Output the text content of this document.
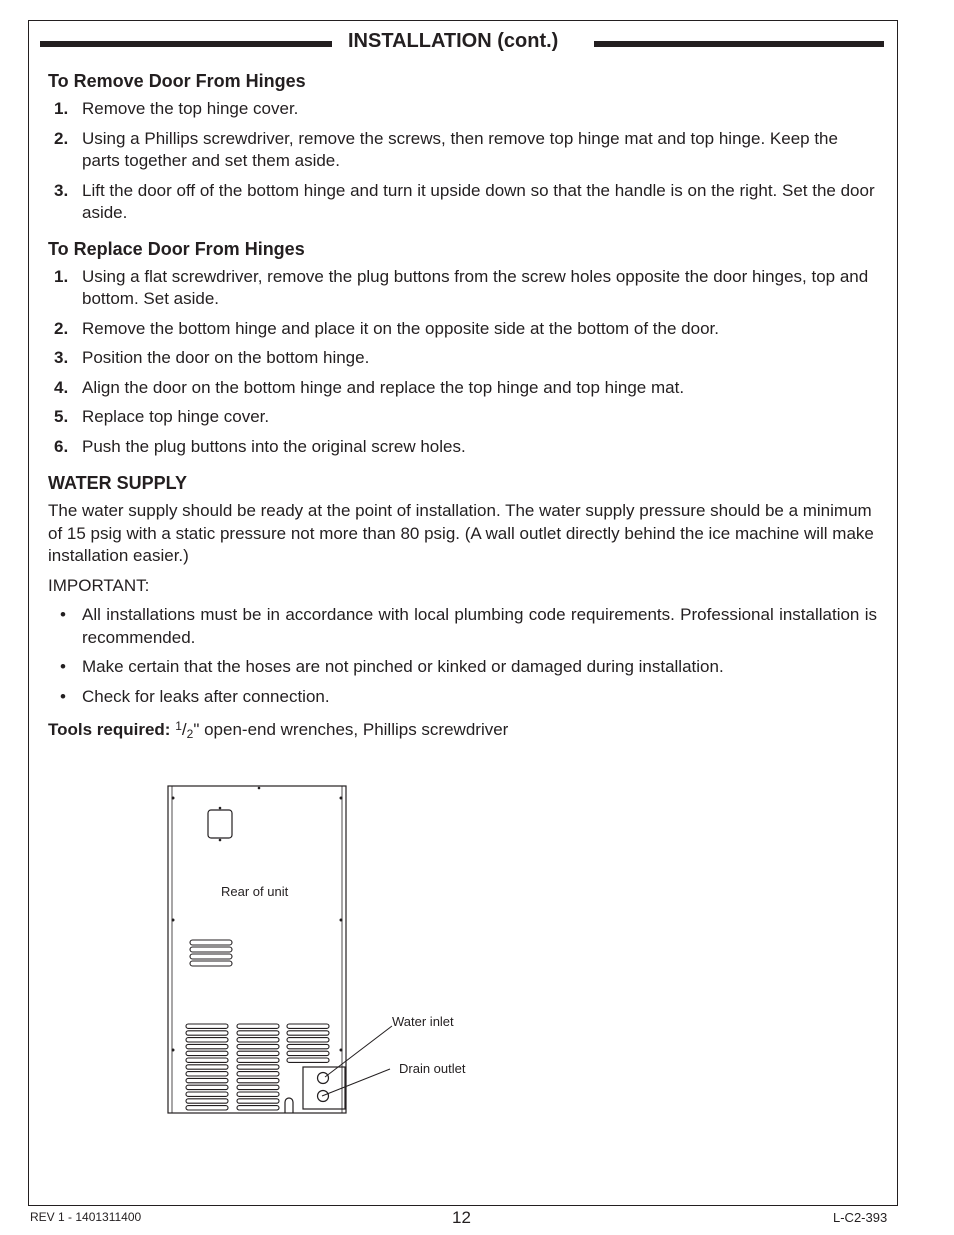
INSTALLATION (cont.)
To Remove Door From Hinges
1. Remove the top hinge cover.
2. Using a Phillips screwdriver, remove the screws, then remove top hinge mat and top hinge. Keep the parts together and set them aside.
3. Lift the door off of the bottom hinge and turn it upside down so that the handle is on the right. Set the door aside.
To Replace Door From Hinges
1. Using a flat screwdriver, remove the plug buttons from the screw holes opposite the door hinges, top and bottom. Set aside.
2. Remove the bottom hinge and place it on the opposite side at the bottom of the door.
3. Position the door on the bottom hinge.
4. Align the door on the bottom hinge and replace the top hinge and top hinge mat.
5. Replace top hinge cover.
6. Push the plug buttons into the original screw holes.
WATER SUPPLY

The water supply should be ready at the point of installation. The water supply pressure should be a minimum of 15 psig with a static pressure not more than 80 psig. (A wall outlet directly behind the ice machine will make installation easier.)

IMPORTANT:

• All installations must be in accordance with local plumbing code requirements. Professional installation is recommended.
• Make certain that the hoses are not pinched or kinked or damaged during installation.
• Check for leaks after connection.

Tools required: $^1/_2$" open-end wrenches, Phillips screwdriver

Rear of unit
Water inlet
Drain outlet
REV 1 - 1401311400	12	L-C2-393
